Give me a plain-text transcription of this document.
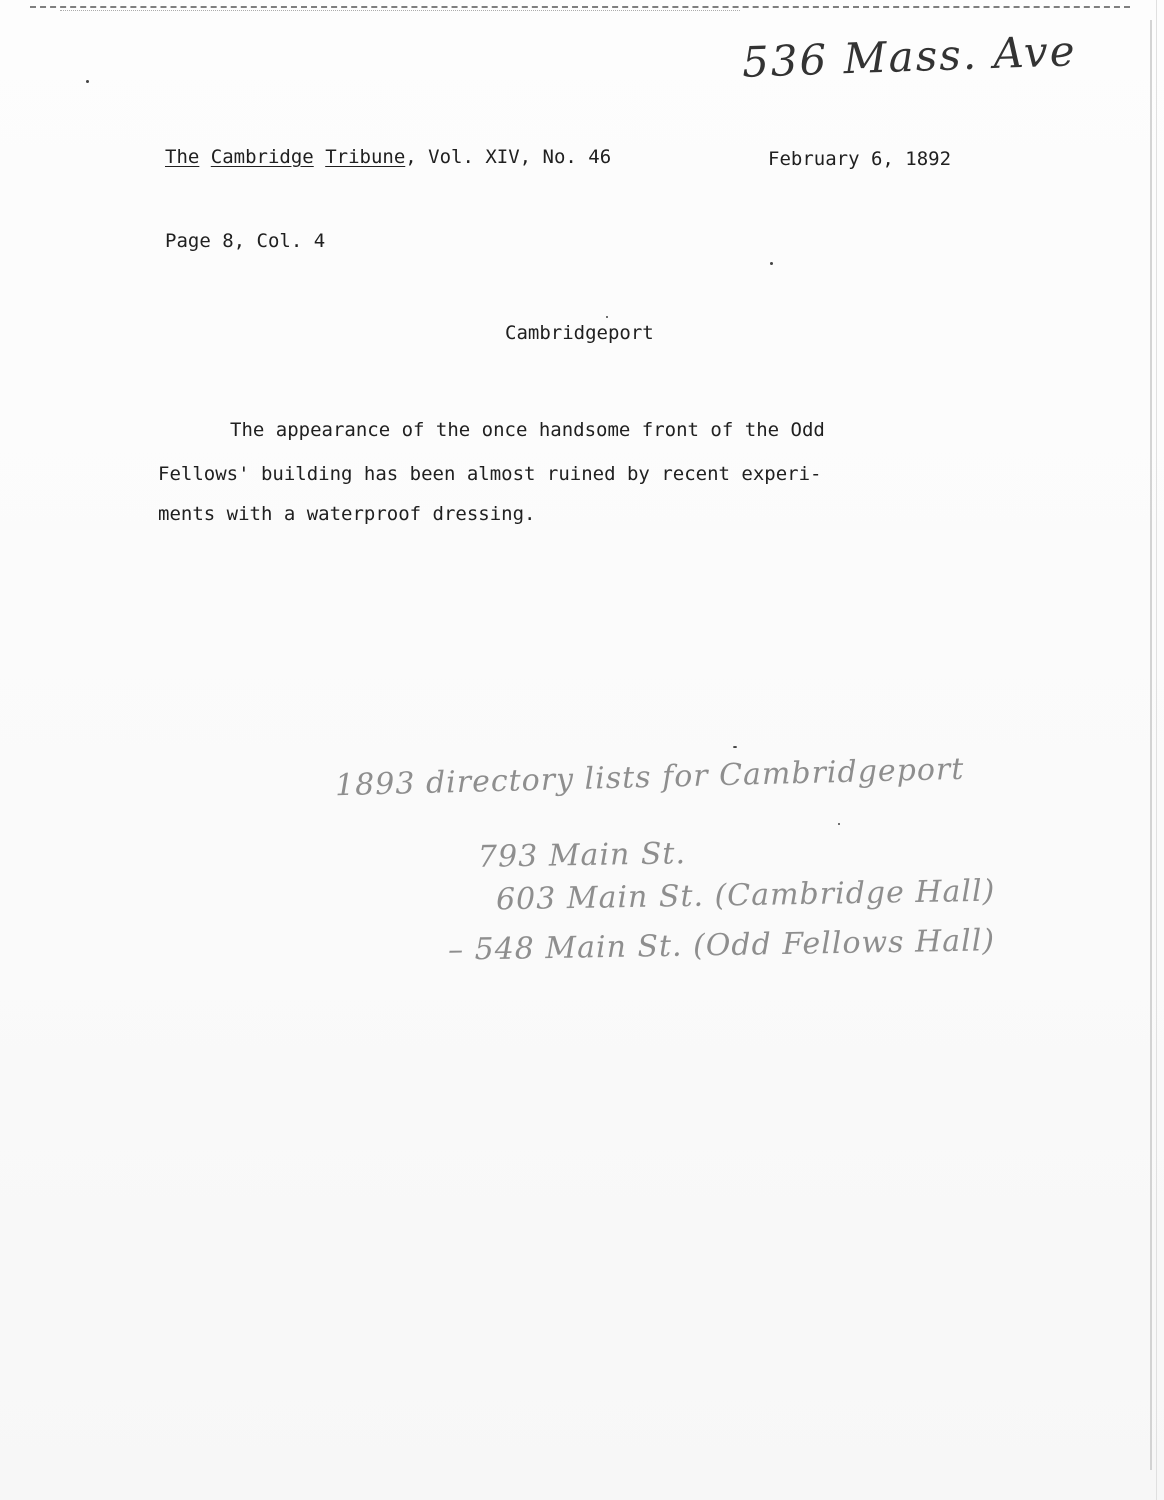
536 Mass. Ave
The Cambridge Tribune, Vol. XIV, No. 46	February 6, 1892
Page 8, Col. 4
Cambridgeport
The appearance of the once handsome front of the Odd
Fellows' building has been almost ruined by recent experi-
ments with a waterproof dressing.
1893 directory lists for Cambridgeport
793 Main St.
603 Main St. (Cambridge Hall)
– 548 Main St. (Odd Fellows Hall)
